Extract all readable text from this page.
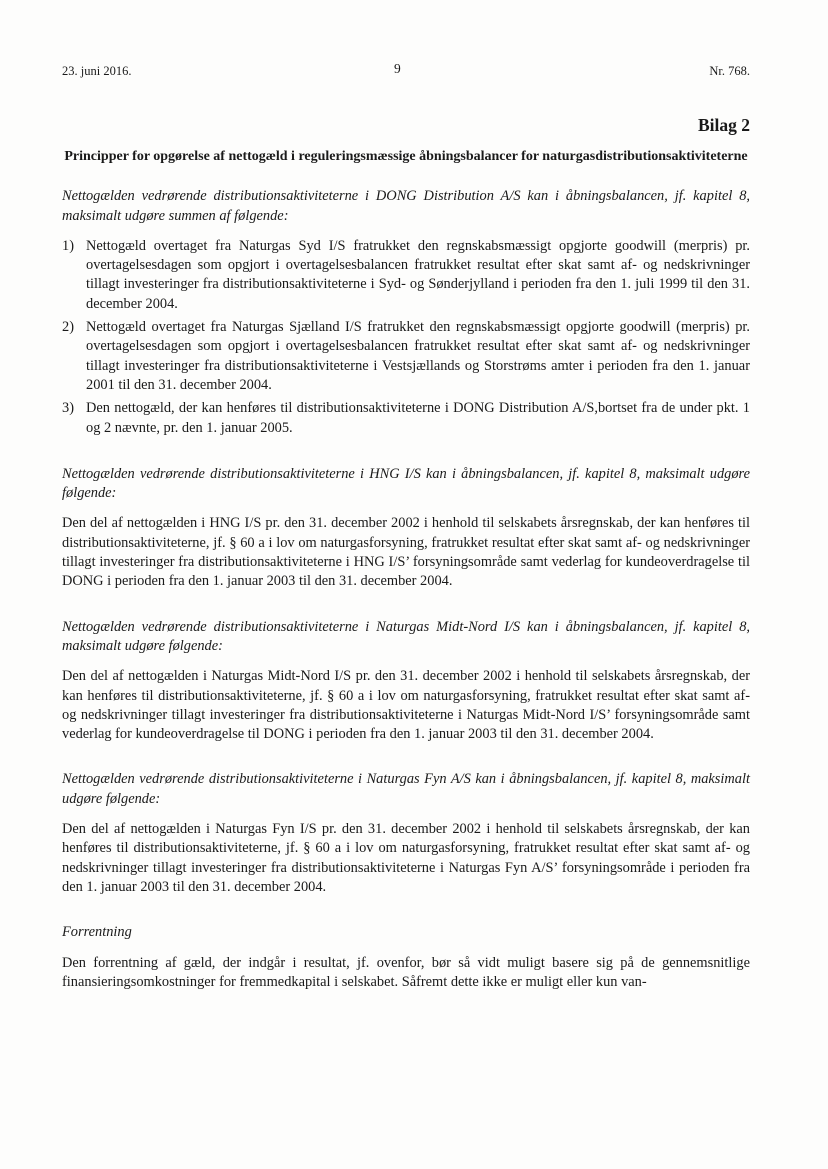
23. juni 2016.	9	Nr. 768.
Bilag 2
Principper for opgørelse af nettogæld i reguleringsmæssige åbningsbalancer for naturgasdistributionsaktiviteterne

Nettogælden vedrørende distributionsaktiviteterne i DONG Distribution A/S kan i åbningsbalancen, jf. kapitel 8, maksimalt udgøre summen af følgende:

1) Nettogæld overtaget fra Naturgas Syd I/S fratrukket den regnskabsmæssigt opgjorte goodwill (merpris) pr. overtagelsesdagen som opgjort i overtagelsesbalancen fratrukket resultat efter skat samt af- og nedskrivninger tillagt investeringer fra distributionsaktiviteterne i Syd- og Sønderjylland i perioden fra den 1. juli 1999 til den 31. december 2004.
2) Nettogæld overtaget fra Naturgas Sjælland I/S fratrukket den regnskabsmæssigt opgjorte goodwill (merpris) pr. overtagelsesdagen som opgjort i overtagelsesbalancen fratrukket resultat efter skat samt af- og nedskrivninger tillagt investeringer fra distributionsaktiviteterne i Vestsjællands og Storstrøms amter i perioden fra den 1. januar 2001 til den 31. december 2004.
3) Den nettogæld, der kan henføres til distributionsaktiviteterne i DONG Distribution A/S,bortset fra de under pkt. 1 og 2 nævnte, pr. den 1. januar 2005.

Nettogælden vedrørende distributionsaktiviteterne i HNG I/S kan i åbningsbalancen, jf. kapitel 8, maksimalt udgøre følgende:

Den del af nettogælden i HNG I/S pr. den 31. december 2002 i henhold til selskabets årsregnskab, der kan henføres til distributionsaktiviteterne, jf. § 60 a i lov om naturgasforsyning, fratrukket resultat efter skat samt af- og nedskrivninger tillagt investeringer fra distributionsaktiviteterne i HNG I/S’ forsyningsområde samt vederlag for kundeoverdragelse til DONG i perioden fra den 1. januar 2003 til den 31. december 2004.

Nettogælden vedrørende distributionsaktiviteterne i Naturgas Midt-Nord I/S kan i åbningsbalancen, jf. kapitel 8, maksimalt udgøre følgende:

Den del af nettogælden i Naturgas Midt-Nord I/S pr. den 31. december 2002 i henhold til selskabets årsregnskab, der kan henføres til distributionsaktiviteterne, jf. § 60 a i lov om naturgasforsyning, fratrukket resultat efter skat samt af- og nedskrivninger tillagt investeringer fra distributionsaktiviteterne i Naturgas Midt-Nord I/S’ forsyningsområde samt vederlag for kundeoverdragelse til DONG i perioden fra den 1. januar 2003 til den 31. december 2004.

Nettogælden vedrørende distributionsaktiviteterne i Naturgas Fyn A/S kan i åbningsbalancen, jf. kapitel 8, maksimalt udgøre følgende:

Den del af nettogælden i Naturgas Fyn I/S pr. den 31. december 2002 i henhold til selskabets årsregnskab, der kan henføres til distributionsaktiviteterne, jf. § 60 a i lov om naturgasforsyning, fratrukket resultat efter skat samt af- og nedskrivninger tillagt investeringer fra distributionsaktiviteterne i Naturgas Fyn A/S’ forsyningsområde i perioden fra den 1. januar 2003 til den 31. december 2004.

Forrentning

Den forrentning af gæld, der indgår i resultat, jf. ovenfor, bør så vidt muligt basere sig på de gennemsnitlige finansieringsomkostninger for fremmedkapital i selskabet. Såfremt dette ikke er muligt eller kun van-
